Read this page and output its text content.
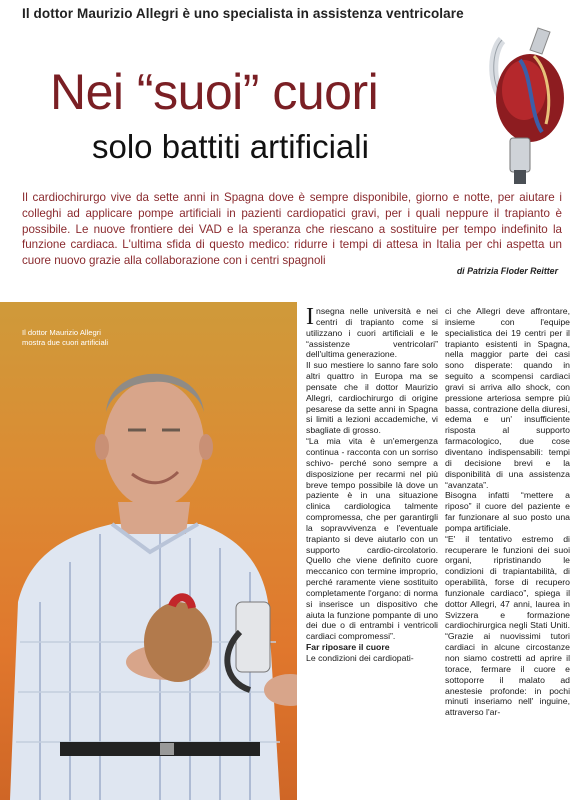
Il dottor Maurizio Allegri è uno specialista in assistenza ventricolare
Nei “suoi” cuori
solo battiti artificiali
Il cardiochirurgo vive da sette anni in Spagna dove è sempre disponibile, giorno e notte, per aiutare i colleghi ad applicare pompe artificiali in pazienti cardiopatici gravi, per i quali neppure il trapianto è possibile. Le nuove frontiere dei VAD e la speranza che riescano a sostituire per tempo indefinito la funzione cardiaca. L'ultima sfida di questo medico: ridurre i tempi di attesa in Italia per chi aspetta un cuore nuovo grazie alla collaborazione con i centri spagnoli
di Patrizia Floder Reitter
Il dottor Maurizio Allegri
mostra due cuori artificiali

Insegna nelle università e nei centri di trapianto come si utilizzano i cuori artificiali e le “assistenze ventricolari” dell'ultima generazione.

Il suo mestiere lo sanno fare solo altri quattro in Europa ma se pensate che il dottor Maurizio Allegri, cardiochirurgo di origine pesarese da sette anni in Spagna si limiti a lezioni accademiche, vi sbagliate di grosso.

“La mia vita è un'emergenza continua - racconta con un sorriso schivo- perché sono sempre a disposizione per recarmi nel più breve tempo possibile là dove un paziente è in una situazione clinica cardiologica talmente compromessa, che per garantirgli la sopravvivenza e l'eventuale trapianto si deve aiutarlo con un supporto cardio-circolatorio. Quello che viene definito cuore meccanico con termine improprio, perché raramente viene sostituito completamente l'organo: di norma si inserisce un dispositivo che aiuta la funzione pompante di uno dei due o di entrambi i ventricoli cardiaci compromessi”.

Far riposare il cuore

Le condizioni dei cardiopati-

ci che Allegri deve affrontare, insieme con l'equipe specialistica dei 19 centri per il trapianto esistenti in Spagna, nella maggior parte dei casi sono disperate: quando in seguito a scompensi cardiaci gravi si arriva allo shock, con pressione arteriosa sempre più bassa, contrazione della diuresi, edema e un' insufficiente risposta al supporto farmacologico, due cose diventano indispensabili: tempi di decisione brevi e la disponibilità di una assistenza “avanzata”.

Bisogna infatti “mettere a riposo” il cuore del paziente e far funzionare al suo posto una pompa artificiale.

“E' il tentativo estremo di recuperare le funzioni dei suoi organi, ripristinando le condizioni di trapiantabilità, di operabilità, forse di recupero funzionale cardiaco”, spiega il dottor Allegri, 47 anni, laurea in Svizzera e formazione cardiochirurgica negli Stati Uniti. “Grazie ai nuovissimi tutori cardiaci in alcune circostanze non siamo costretti ad aprire il torace, fermare il cuore e sottoporre il malato ad anestesie profonde: in pochi minuti inseriamo nell' inguine, attraverso l'ar-
